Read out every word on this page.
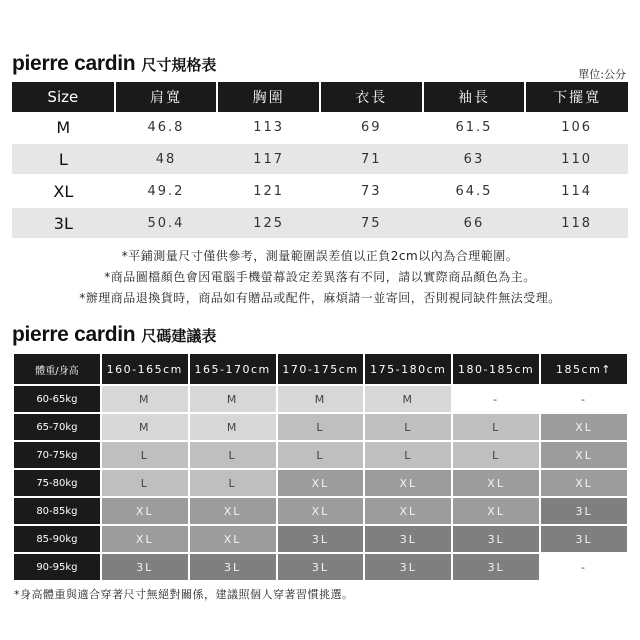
pierre cardin 尺寸規格表
單位:公分
Size	肩寬	胸圍	衣長	袖長	下擺寬
M	46.8	113	69	61.5	106

L	48	117	71	63	110

XL	49.2	121	73	64.5	114

3L	50.4	125	75	66	118
*平鋪測量尺寸僅供參考，測量範圍誤差值以正負2cm以內為合理範圍。
*商品圖檔顏色會因電腦手機螢幕設定差異落有不同，請以實際商品顏色為主。
*辦理商品退換貨時，商品如有贈品或配件，麻煩請一並寄回，否則視同缺件無法受理。
pierre cardin 尺碼建議表
體重/身高	160-165cm	165-170cm	170-175cm	175-180cm	180-185cm	185cm↑
60-65kg	M	M	M	M	-	-
65-70kg	M	M	L	L	L	XL
70-75kg	L	L	L	L	L	XL
75-80kg	L	L	XL	XL	XL	XL
80-85kg	XL	XL	XL	XL	XL	3L
85-90kg	XL	XL	3L	3L	3L	3L
90-95kg	3L	3L	3L	3L	3L	-
*身高體重與適合穿著尺寸無絕對關係，建議照個人穿著習慣挑選。
